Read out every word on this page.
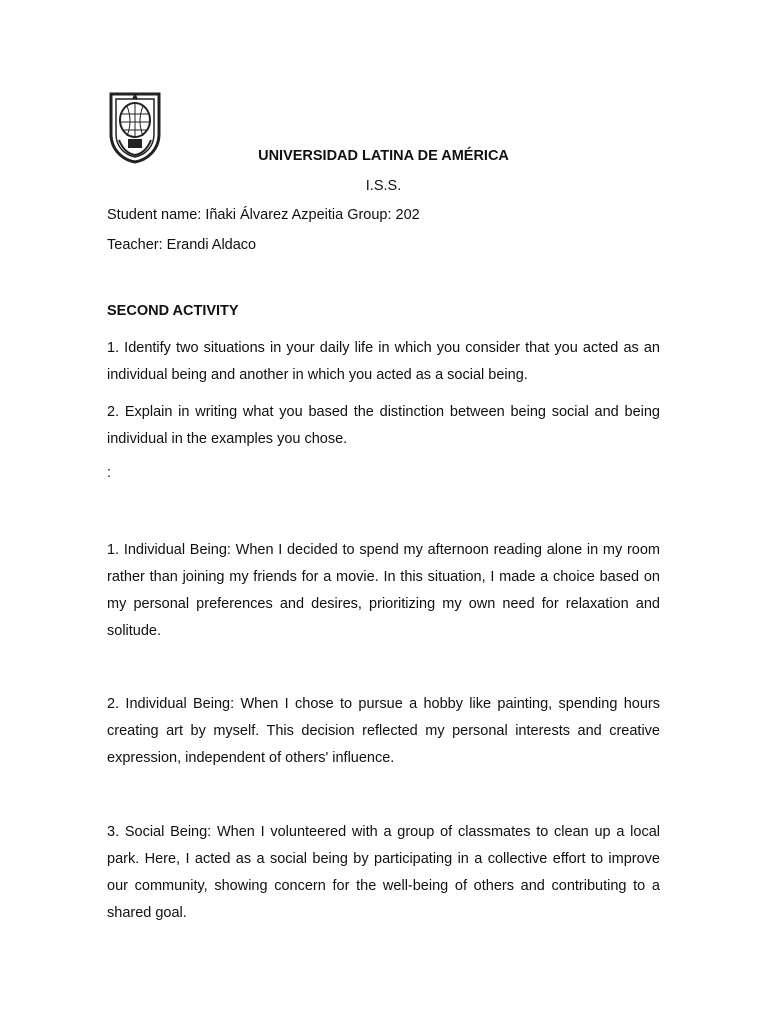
UNIVERSIDAD LATINA DE AMÉRICA
I.S.S.
Student name: Iñaki Álvarez Azpeitia Group: 202
Teacher: Erandi Aldaco
SECOND ACTIVITY
1. Identify two situations in your daily life in which you consider that you acted as an individual being and another in which you acted as a social being.
2. Explain in writing what you based the distinction between being social and being individual in the examples you chose.
:
1. Individual Being: When I decided to spend my afternoon reading alone in my room rather than joining my friends for a movie. In this situation, I made a choice based on my personal preferences and desires, prioritizing my own need for relaxation and solitude.
2. Individual Being: When I chose to pursue a hobby like painting, spending hours creating art by myself. This decision reflected my personal interests and creative expression, independent of others' influence.
3. Social Being: When I volunteered with a group of classmates to clean up a local park. Here, I acted as a social being by participating in a collective effort to improve our community, showing concern for the well-being of others and contributing to a shared goal.
